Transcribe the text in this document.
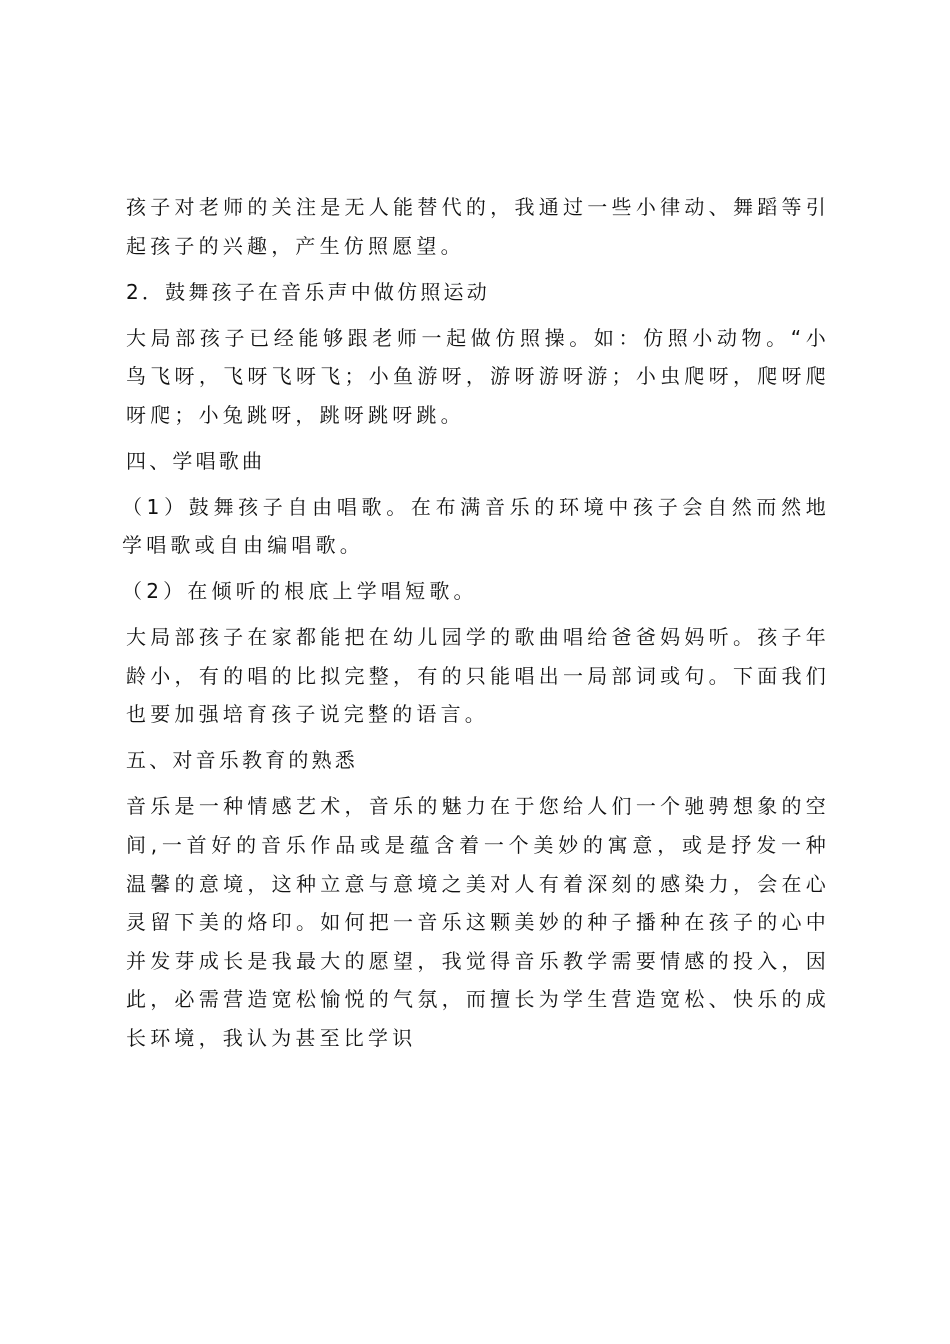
孩子对老师的关注是无人能替代的，我通过一些小律动、舞蹈等引起孩子的兴趣，产生仿照愿望。

2．鼓舞孩子在音乐声中做仿照运动

大局部孩子已经能够跟老师一起做仿照操。如：仿照小动物。“小鸟飞呀，飞呀飞呀飞；小鱼游呀，游呀游呀游；小虫爬呀，爬呀爬呀爬；小兔跳呀，跳呀跳呀跳。

四、学唱歌曲

（1）鼓舞孩子自由唱歌。在布满音乐的环境中孩子会自然而然地学唱歌或自由编唱歌。

（2）在倾听的根底上学唱短歌。

大局部孩子在家都能把在幼儿园学的歌曲唱给爸爸妈妈听。孩子年龄小，有的唱的比拟完整，有的只能唱出一局部词或句。下面我们也要加强培育孩子说完整的语言。

五、对音乐教育的熟悉

音乐是一种情感艺术，音乐的魅力在于您给人们一个驰骋想象的空间,一首好的音乐作品或是蕴含着一个美妙的寓意，或是抒发一种温馨的意境，这种立意与意境之美对人有着深刻的感染力，会在心灵留下美的烙印。如何把一音乐这颗美妙的种子播种在孩子的心中并发芽成长是我最大的愿望，我觉得音乐教学需要情感的投入，因此，必需营造宽松愉悦的气氛，而擅长为学生营造宽松、快乐的成长环境，我认为甚至比学识
